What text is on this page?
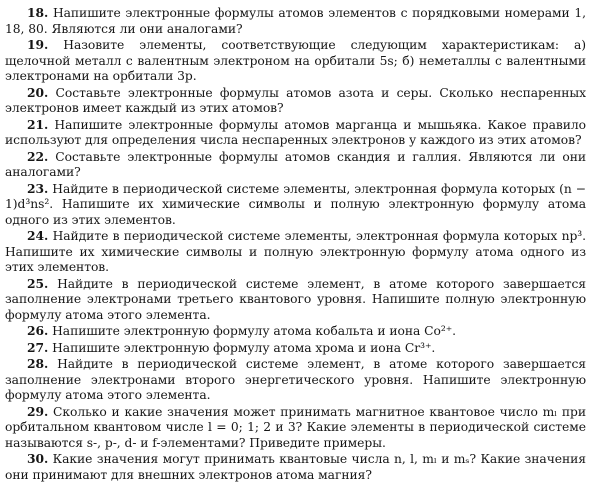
18. Напишите электронные формулы атомов элементов с порядковыми номерами 1, 18, 80. Являются ли они аналогами?

19. Назовите элементы, соответствующие следующим характеристикам: а) щелочной металл с валентным электроном на орбитали 5s; б) неметаллы с валентными электронами на орбитали 3p.

20. Составьте электронные формулы атомов азота и серы. Сколько неспаренных электронов имеет каждый из этих атомов?

21. Напишите электронные формулы атомов марганца и мышьяка. Какое правило используют для определения числа неспаренных электронов у каждого из этих атомов?

22. Составьте электронные формулы атомов скандия и галлия. Являются ли они аналогами?

23. Найдите в периодической системе элементы, электронная формула которых (n − 1)d³ns². Напишите их химические символы и полную электронную формулу атома одного из этих элементов.

24. Найдите в периодической системе элементы, электронная формула которых np³. Напишите их химические символы и полную электронную формулу атома одного из этих элементов.

25. Найдите в периодической системе элемент, в атоме которого завершается заполнение электронами третьего квантового уровня. Напишите полную электронную формулу атома этого элемента.

26. Напишите электронную формулу атома кобальта и иона Co²⁺.

27. Напишите электронную формулу атома хрома и иона Cr³⁺.

28. Найдите в периодической системе элемент, в атоме которого завершается заполнение электронами второго энергетического уровня. Напишите электронную формулу атома этого элемента.

29. Сколько и какие значения может принимать магнитное квантовое число mₗ при орбитальном квантовом числе l = 0; 1; 2 и 3? Какие элементы в периодической системе называются s-, p-, d- и f-элементами? Приведите примеры.

30. Какие значения могут принимать квантовые числа n, l, mₗ и mₛ? Какие значения они принимают для внешних электронов атома магния?
